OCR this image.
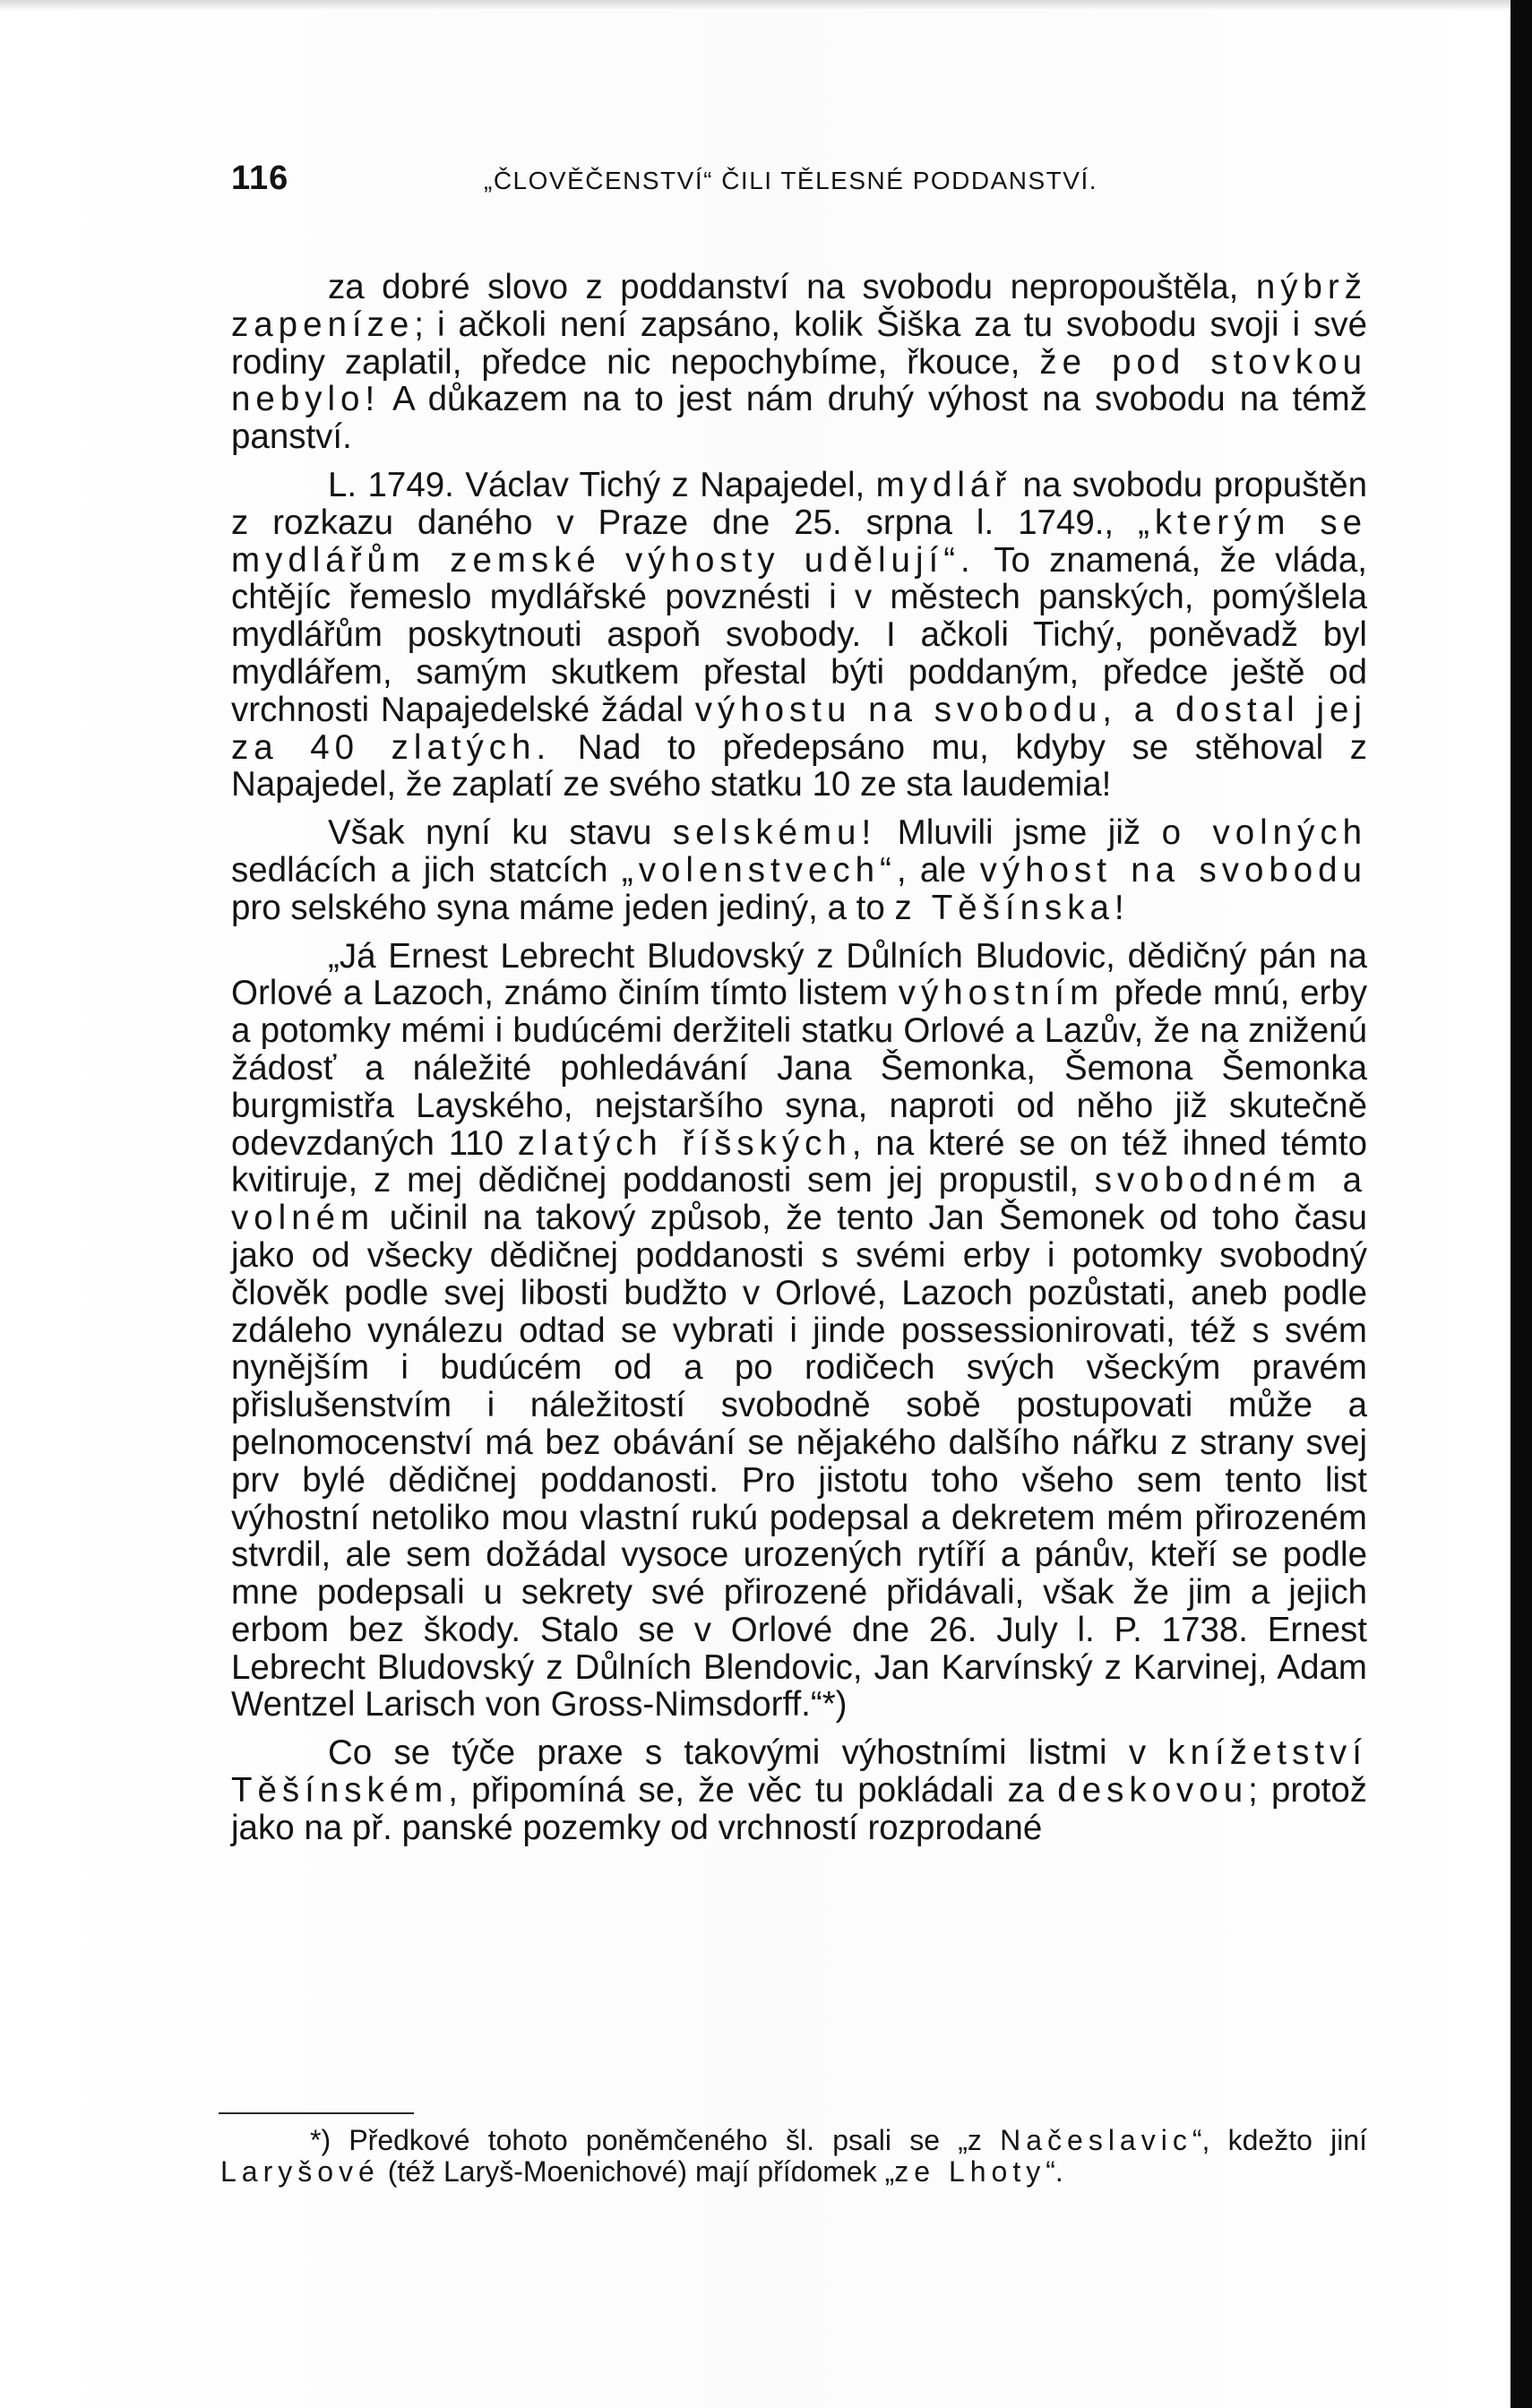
116	„ČLOVĚČENSTVÍ“ ČILI TĚLESNÉ PODDANSTVÍ.

za dobré slovo z poddanství na svobodu nepropouštěla, nýbrž zapeníze; i ačkoli není zapsáno, kolik Šiška za tu svobodu svoji i své rodiny zaplatil, předce nic nepochybíme, řkouce, že pod stovkou nebylo! A důkazem na to jest nám druhý výhost na svobodu na témž panství.

L. 1749. Václav Tichý z Napajedel, mydlář na svobodu propuštěn z rozkazu daného v Praze dne 25. srpna l. 1749., „kterým se mydlářům zemské výhosty udělují“. To znamená, že vláda, chtějíc řemeslo mydlářské povznésti i v městech panských, pomýšlela mydlářům poskytnouti aspoň svobody. I ačkoli Tichý, poněvadž byl mydlářem, samým skutkem přestal býti poddaným, předce ještě od vrchnosti Napajedelské žádal výhostu na svobodu, a dostal jej za 40 zlatých. Nad to předepsáno mu, kdyby se stěhoval z Napajedel, že zaplatí ze svého statku 10 ze sta laudemia!

Však nyní ku stavu selskému! Mluvili jsme již o volných sedlácích a jich statcích „volenstvech“, ale výhost na svobodu pro selského syna máme jeden jediný, a to z Těšínska!

„Já Ernest Lebrecht Bludovský z Důlních Bludovic, dědičný pán na Orlové a Lazoch, známo činím tímto listem výhostním přede mnú, erby a potomky mémi i budúcémi deržiteli statku Orlové a Lazův, že na zniženú žádosť a náležité pohledávání Jana Šemonka, Šemona Šemonka burgmistřa Layského, nejstaršího syna, naproti od něho již skutečně odevzdaných 110 zlatých říšských, na které se on též ihned témto kvitiruje, z mej dědičnej poddanosti sem jej propustil, svobodném a volném učinil na takový způsob, že tento Jan Šemonek od toho času jako od všecky dědičnej poddanosti s svémi erby i potomky svobodný člověk podle svej libosti budžto v Orlové, Lazoch pozůstati, aneb podle zdáleho vynálezu odtad se vybrati i jinde possessionirovati, též s svém nynějším i budúcém od a po rodičech svých všeckým pravém přislušenstvím i náležitostí svobodně sobě postupovati může a pelnomocenství má bez obávání se nějakého dalšího nářku z strany svej prv bylé dědičnej poddanosti. Pro jistotu toho všeho sem tento list výhostní netoliko mou vlastní rukú podepsal a dekretem mém přirozeném stvrdil, ale sem dožádal vysoce urozených rytíří a pánův, kteří se podle mne podepsali u sekrety své přirozené přidávali, však že jim a jejich erbom bez škody. Stalo se v Orlové dne 26. July l. P. 1738. Ernest Lebrecht Bludovský z Důlních Blendovic, Jan Karvínský z Karvinej, Adam Wentzel Larisch von Gross-Nimsdorff.“*)

Co se týče praxe s takovými výhostními listmi v knížetství Těšínském, připomíná se, že věc tu pokládali za deskovou; protož jako na př. panské pozemky od vrchností rozprodané

*) Předkové tohoto poněmčeného šl. psali se „z Načeslavic“, kdežto jiní Laryšové (též Laryš-Moenichové) mají přídomek „ze Lhoty“.
